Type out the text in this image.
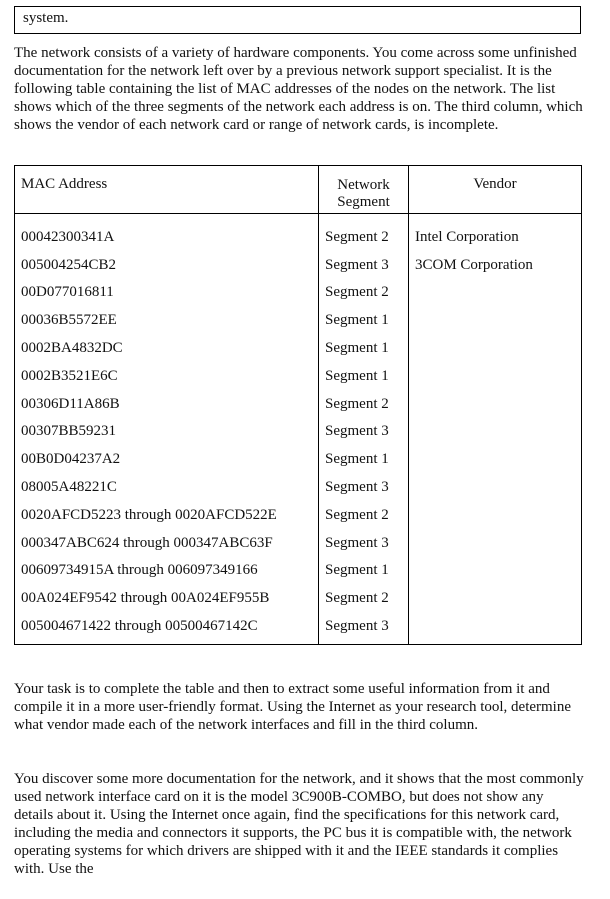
system.

The network consists of a variety of hardware components. You come across some unfinished documentation for the network left over by a previous network support specialist. It is the following table containing the list of MAC addresses of the nodes on the network. The list shows which of the three segments of the network each address is on. The third column, which shows the vendor of each network card or range of network cards, is incomplete.

MAC Address	Network Segment	Vendor
00042300341A	Segment 2	Intel Corporation
005004254CB2	Segment 3	3COM Corporation
00D077016811	Segment 2	
00036B5572EE	Segment 1	
0002BA4832DC	Segment 1	
0002B3521E6C	Segment 1	
00306D11A86B	Segment 2	
00307BB59231	Segment 3	
00B0D04237A2	Segment 1	
08005A48221C	Segment 3	
0020AFCD5223 through 0020AFCD522E	Segment 2	
000347ABC624 through 000347ABC63F	Segment 3	
00609734915A through 006097349166	Segment 1	
00A024EF9542 through 00A024EF955B	Segment 2	
005004671422 through 00500467142C	Segment 3	

Your task is to complete the table and then to extract some useful information from it and compile it in a more user-friendly format. Using the Internet as your research tool, determine what vendor made each of the network interfaces and fill in the third column.

You discover some more documentation for the network, and it shows that the most commonly used network interface card on it is the model 3C900B-COMBO, but does not show any details about it. Using the Internet once again, find the specifications for this network card, including the media and connectors it supports, the PC bus it is compatible with, the network operating systems for which drivers are shipped with it and the IEEE standards it complies with. Use the
